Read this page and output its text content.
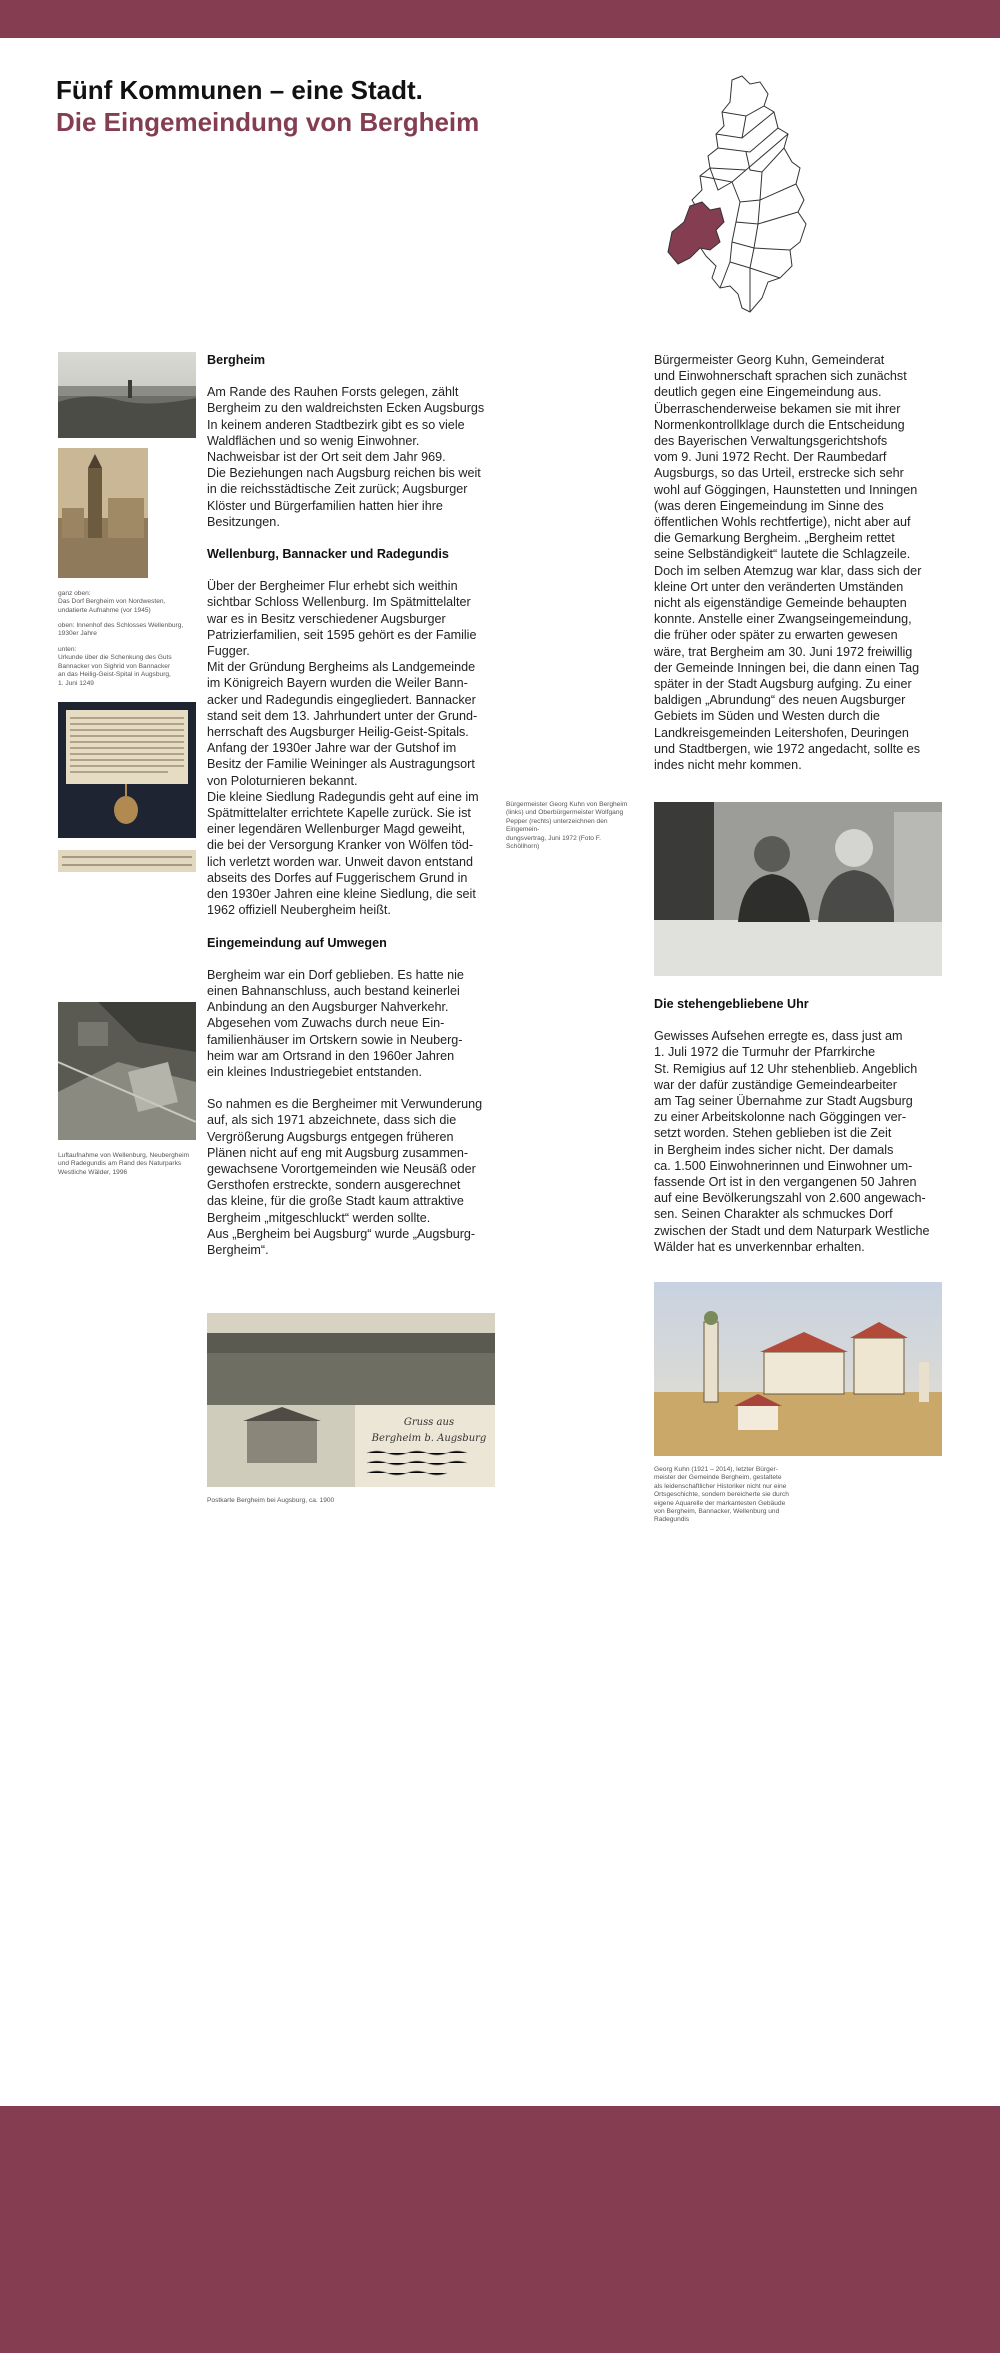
Fünf Kommunen – eine Stadt.
Die Eingemeindung von Bergheim

ganz oben:

Das Dorf Bergheim von Nordwesten,

undatierte Aufnahme (vor 1945)

oben: Innenhof des Schlosses Wellenburg,

1930er Jahre

unten:

Urkunde über die Schenkung des Guts

Bannacker von Sighrid von Bannacker

an das Heilig-Geist-Spital in Augsburg,

1. Juni 1249

Luftaufnahme von Wellenburg, Neubergheim

und Radegundis am Rand des Naturparks

Westliche Wälder, 1996

Bergheim

Am Rande des Rauhen Forsts gelegen, zählt

Bergheim zu den waldreichsten Ecken Augsburgs

In keinem anderen Stadtbezirk gibt es so viele

Waldflächen und so wenig Einwohner.

Nachweisbar ist der Ort seit dem Jahr 969.

Die Beziehungen nach Augsburg reichen bis weit

in die reichsstädtische Zeit zurück; Augsburger

Klöster und Bürgerfamilien hatten hier ihre

Besitzungen.

Wellenburg, Bannacker und Radegundis

Über der Bergheimer Flur erhebt sich weithin

sichtbar Schloss Wellenburg. Im Spätmittelalter

war es in Besitz verschiedener Augsburger

Patrizierfamilien, seit 1595 gehört es der Familie

Fugger.

Mit der Gründung Bergheims als Landgemeinde

im Königreich Bayern wurden die Weiler Bann-

acker und Radegundis eingegliedert. Bannacker

stand seit dem 13. Jahrhundert unter der Grund-

herrschaft des Augsburger Heilig-Geist-Spitals.

Anfang der 1930er Jahre war der Gutshof im

Besitz der Familie Weininger als Austragungsort

von Poloturnieren bekannt.

Die kleine Siedlung Radegundis geht auf eine im

Spätmittelalter errichtete Kapelle zurück. Sie ist

einer legendären Wellenburger Magd geweiht,

die bei der Versorgung Kranker von Wölfen töd-

lich verletzt worden war. Unweit davon entstand

abseits des Dorfes auf Fuggerischem Grund in

den 1930er Jahren eine kleine Siedlung, die seit

1962 offiziell Neubergheim heißt.

Eingemeindung auf Umwegen

Bergheim war ein Dorf geblieben. Es hatte nie

einen Bahnanschluss, auch bestand keinerlei

Anbindung an den Augsburger Nahverkehr.

Abgesehen vom Zuwachs durch neue Ein-

familienhäuser im Ortskern sowie in Neuberg-

heim war am Ortsrand in den 1960er Jahren

ein kleines Industriegebiet entstanden.

So nahmen es die Bergheimer mit Verwunderung

auf, als sich 1971 abzeichnete, dass sich die

Vergrößerung Augsburgs entgegen früheren

Plänen nicht auf eng mit Augsburg zusammen-

gewachsene Vorortgemeinden wie Neusäß oder

Gersthofen erstreckte, sondern ausgerechnet

das kleine, für die große Stadt kaum attraktive

Bergheim „mitgeschluckt“ werden sollte.

Aus „Bergheim bei Augsburg“ wurde „Augsburg-

Bergheim“.

Gruss aus
Bergheim b. Augsburg

Postkarte Bergheim bei Augsburg, ca. 1900

Bürgermeister Georg Kuhn von Bergheim

(links) und Oberbürgermeister Wolfgang

Pepper (rechts) unterzeichnen den Eingemein-

dungsvertrag, Juni 1972 (Foto F. Schöllhorn)

Bürgermeister Georg Kuhn, Gemeinderat

und Einwohnerschaft sprachen sich zunächst

deutlich gegen eine Eingemeindung aus.

Überraschenderweise bekamen sie mit ihrer

Normenkontrollklage durch die Entscheidung

des Bayerischen Verwaltungsgerichtshofs

vom 9. Juni 1972 Recht. Der Raumbedarf

Augsburgs, so das Urteil, erstrecke sich sehr

wohl auf Göggingen, Haunstetten und Inningen

(was deren Eingemeindung im Sinne des

öffentlichen Wohls rechtfertige), nicht aber auf

die Gemarkung Bergheim. „Bergheim rettet

seine Selbständigkeit“ lautete die Schlagzeile.

Doch im selben Atemzug war klar, dass sich der

kleine Ort unter den veränderten Umständen

nicht als eigenständige Gemeinde behaupten

konnte. Anstelle einer Zwangseingemeindung,

die früher oder später zu erwarten gewesen

wäre, trat Bergheim am 30. Juni 1972 freiwillig

der Gemeinde Inningen bei, die dann einen Tag

später in der Stadt Augsburg aufging. Zu einer

baldigen „Abrundung“ des neuen Augsburger

Gebiets im Süden und Westen durch die

Landkreisgemeinden Leitershofen, Deuringen

und Stadtbergen, wie 1972 angedacht, sollte es

indes nicht mehr kommen.

Die stehengebliebene Uhr

Gewisses Aufsehen erregte es, dass just am

1. Juli 1972 die Turmuhr der Pfarrkirche

St. Remigius auf 12 Uhr stehenblieb. Angeblich

war der dafür zuständige Gemeindearbeiter

am Tag seiner Übernahme zur Stadt Augsburg

zu einer Arbeitskolonne nach Göggingen ver-

setzt worden. Stehen geblieben ist die Zeit

in Bergheim indes sicher nicht. Der damals

ca. 1.500 Einwohnerinnen und Einwohner um-

fassende Ort ist in den vergangenen 50 Jahren

auf eine Bevölkerungszahl von 2.600 angewach-

sen. Seinen Charakter als schmuckes Dorf

zwischen der Stadt und dem Naturpark Westliche

Wälder hat es unverkennbar erhalten.

Georg Kuhn (1921 – 2014), letzter Bürger-

meister der Gemeinde Bergheim, gestaltete

als leidenschaftlicher Historiker nicht nur eine

Ortsgeschichte, sondern bereicherte sie durch

eigene Aquarelle der markantesten Gebäude

von Bergheim, Bannacker, Wellenburg und

Radegundis
